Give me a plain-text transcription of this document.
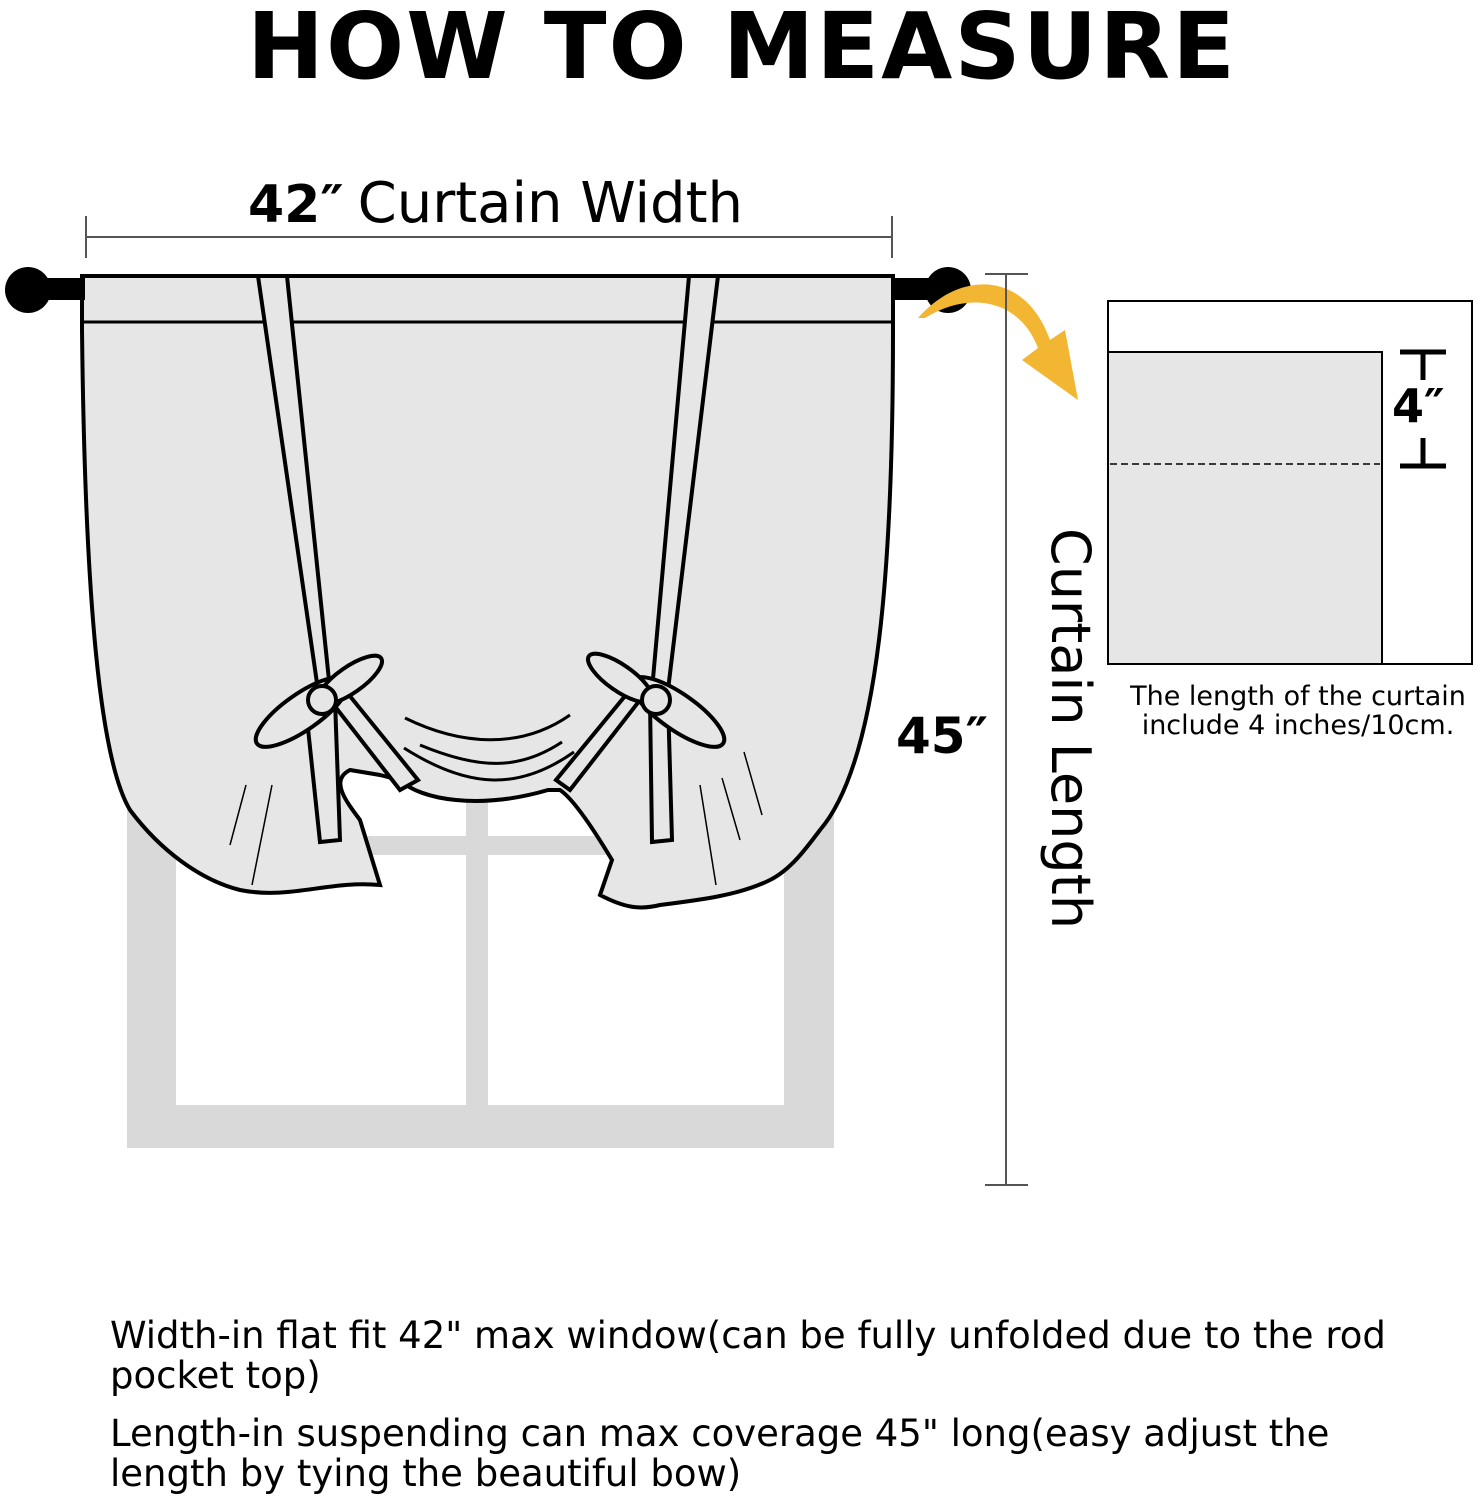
HOW TO MEASURE
42″ Curtain Width
45″ Curtain Length
4″
The length of the curtain include 4 inches/10cm.
Width-in flat fit 42" max window(can be fully unfolded due to the rod pocket top)
Length-in suspending can max coverage 45" long(easy adjust the length by tying the beautiful bow)
